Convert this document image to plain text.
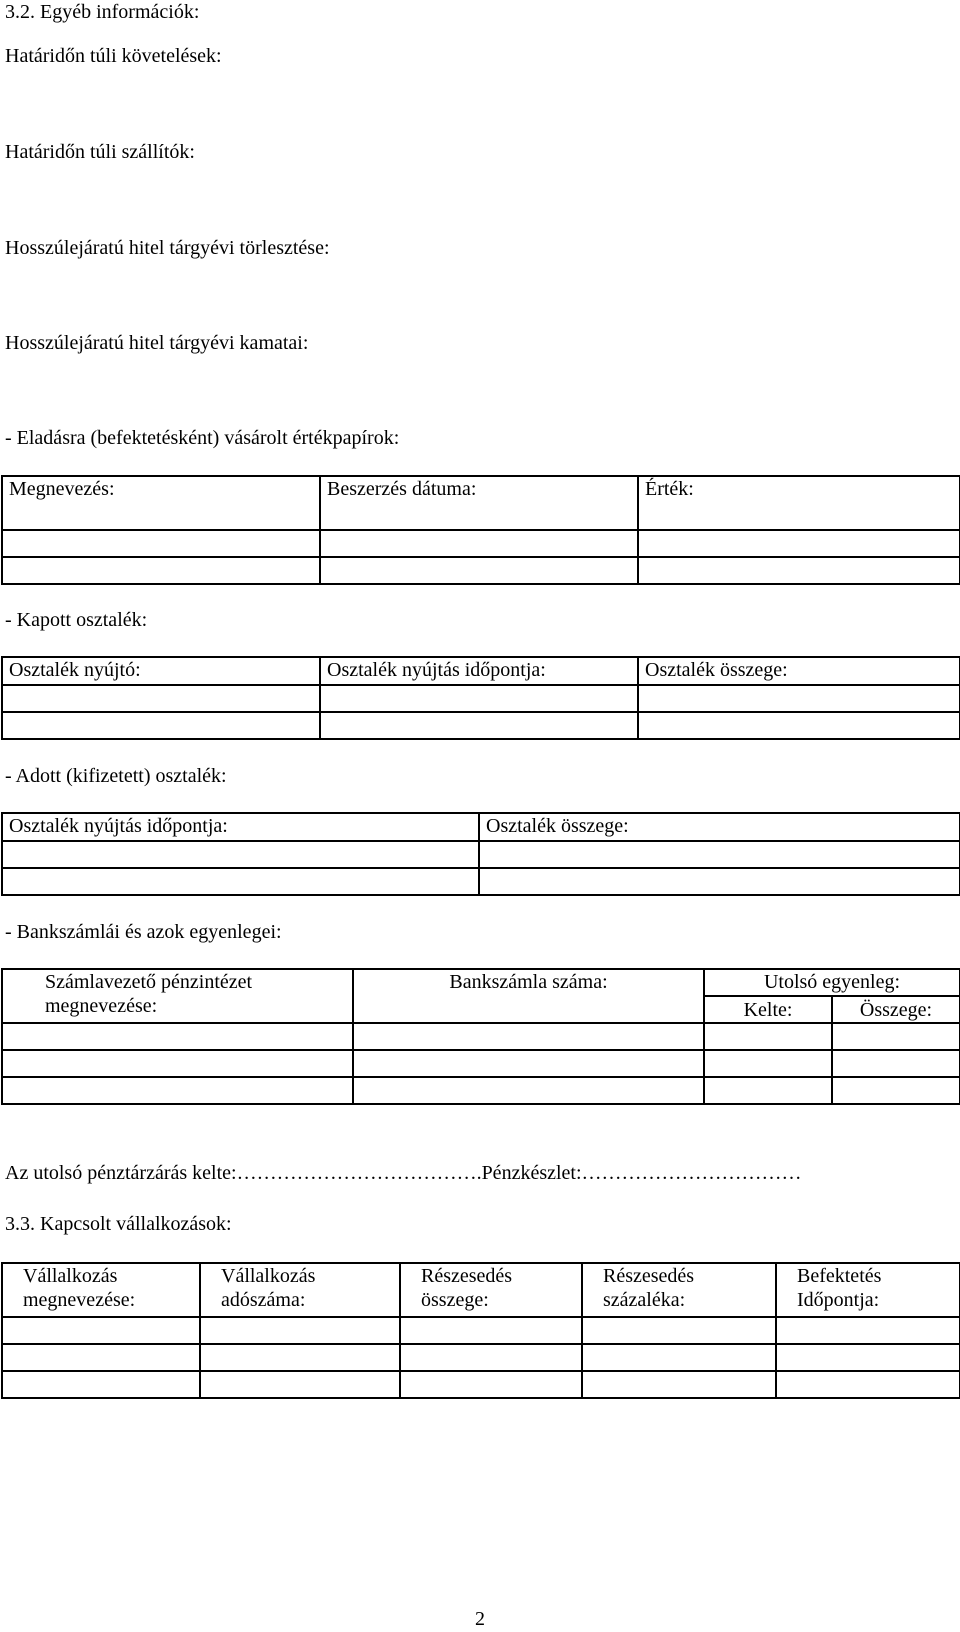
3.2. Egyéb információk:
Határidőn túli követelések:
Határidőn túli szállítók:
Hosszúlejáratú hitel tárgyévi törlesztése:
Hosszúlejáratú hitel tárgyévi kamatai:
- Eladásra (befektetésként) vásárolt értékpapírok:
Megnevezés:	Beszerzés dátuma:	Érték:

- Kapott osztalék:
Osztalék nyújtó:	Osztalék nyújtás időpontja:	Osztalék összege:

- Adott (kifizetett) osztalék:
Osztalék nyújtás időpontja:	Osztalék összege:

- Bankszámlái és azok egyenlegei:
Számlavezető pénzintézet megnevezése:	Bankszámla száma:	Utolsó egyenleg:	
		Kelte:	Összege:

Az utolsó pénztárzárás kelte:……………………………….Pénzkészlet:……………………………
3.3. Kapcsolt vállalkozások:
Vállalkozás megnevezése:	Vállalkozás adószáma:	Részesedés összege:	Részesedés százaléka:	Befektetés Időpontja:

2
